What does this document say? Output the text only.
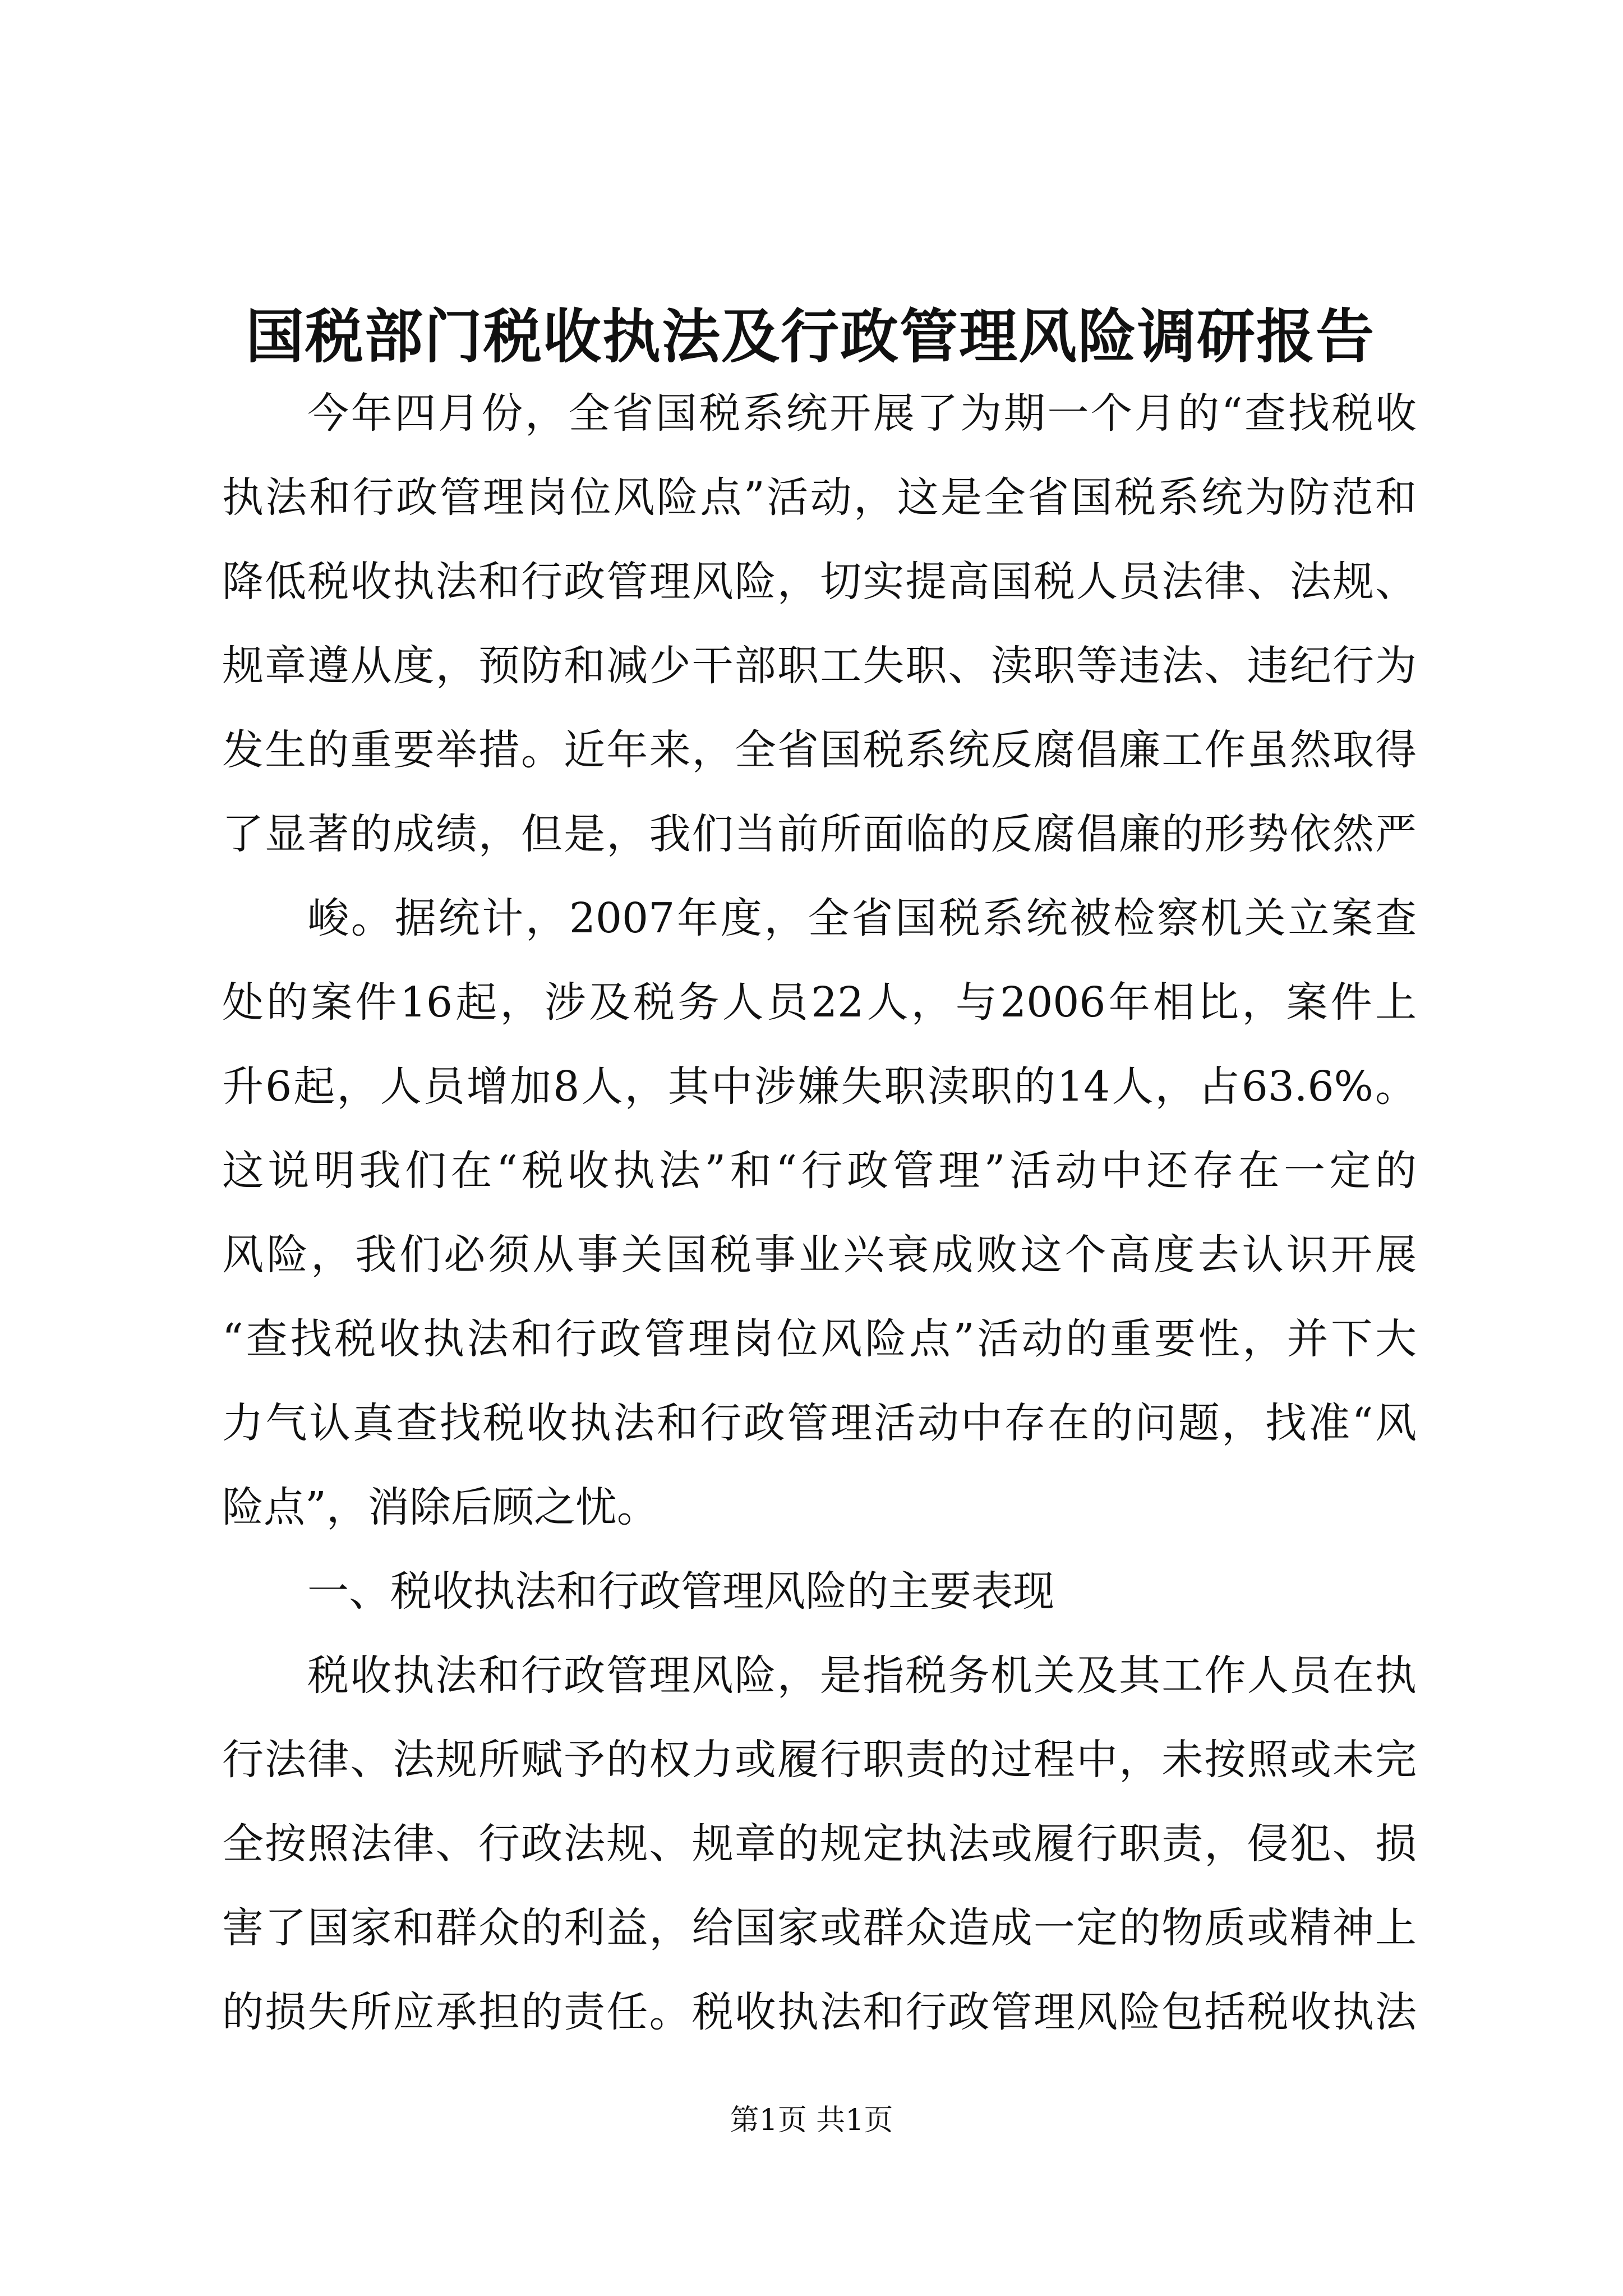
国税部门税收执法及行政管理风险调研报告
今年四月份，全省国税系统开展了为期一个月的“查找税收
执法和行政管理岗位风险点”活动，这是全省国税系统为防范和
降低税收执法和行政管理风险，切实提高国税人员法律、法规、
规章遵从度，预防和减少干部职工失职、渎职等违法、违纪行为
发生的重要举措。近年来，全省国税系统反腐倡廉工作虽然取得
了显著的成绩，但是，我们当前所面临的反腐倡廉的形势依然严
峻。据统计，2007年度，全省国税系统被检察机关立案查
处的案件16起，涉及税务人员22人，与2006年相比，案件上
升6起，人员增加8人，其中涉嫌失职渎职的14人，占63.6%。
这说明我们在“税收执法”和“行政管理”活动中还存在一定的
风险，我们必须从事关国税事业兴衰成败这个高度去认识开展
“查找税收执法和行政管理岗位风险点”活动的重要性，并下大
力气认真查找税收执法和行政管理活动中存在的问题，找准“风
险点”，消除后顾之忧。
一、税收执法和行政管理风险的主要表现
税收执法和行政管理风险，是指税务机关及其工作人员在执
行法律、法规所赋予的权力或履行职责的过程中，未按照或未完
全按照法律、行政法规、规章的规定执法或履行职责，侵犯、损
害了国家和群众的利益，给国家或群众造成一定的物质或精神上
的损失所应承担的责任。税收执法和行政管理风险包括税收执法
第1页 共1页
